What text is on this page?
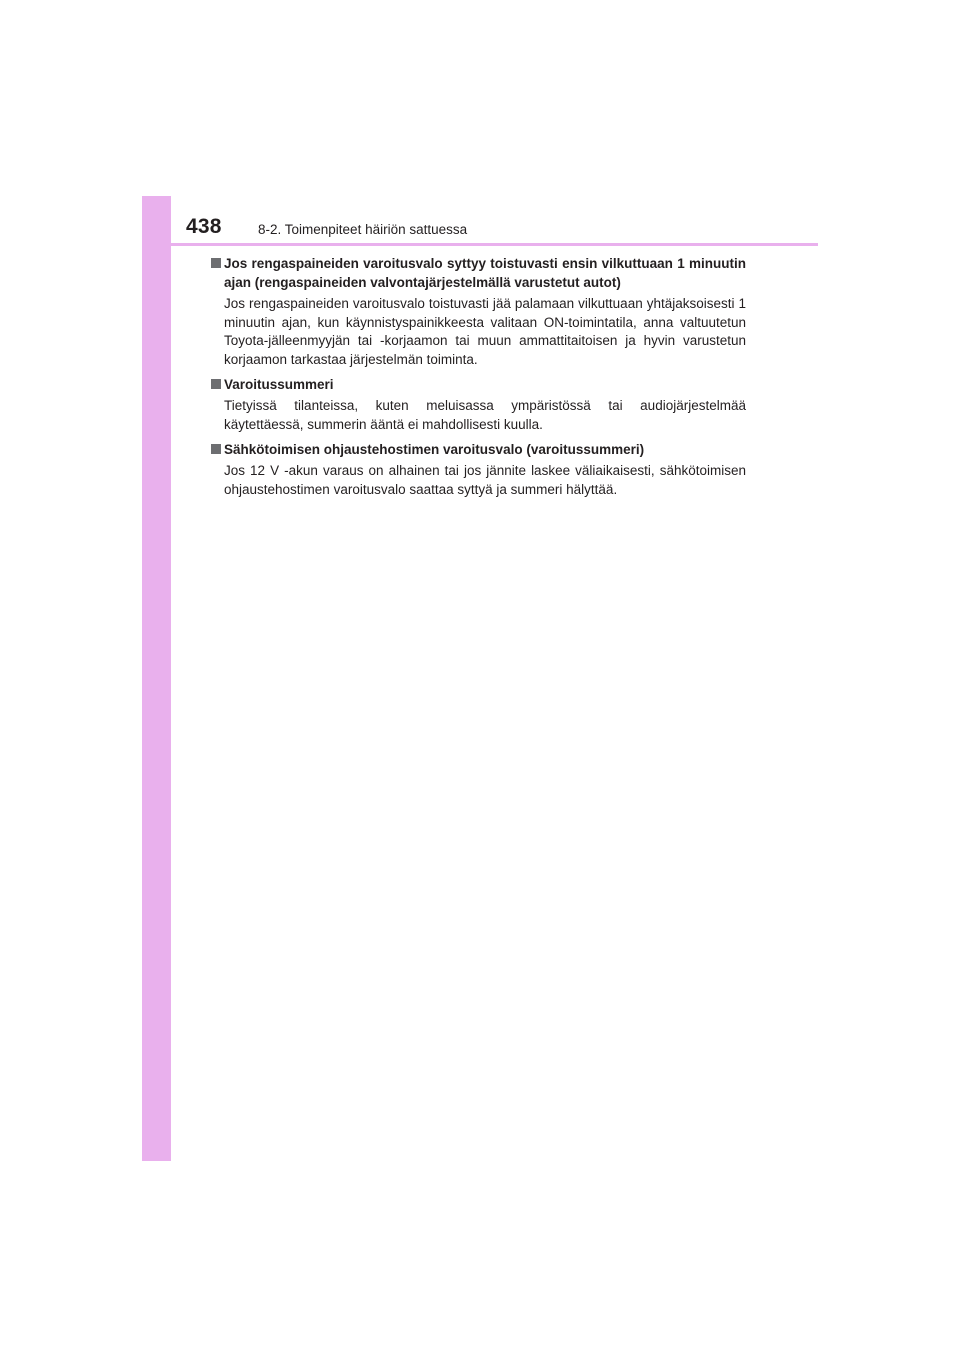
438	8-2. Toimenpiteet häiriön sattuessa
Jos rengaspaineiden varoitusvalo syttyy toistuvasti ensin vilkuttuaan 1 minuutin ajan (rengaspaineiden valvontajärjestelmällä varustetut autot)
Jos rengaspaineiden varoitusvalo toistuvasti jää palamaan vilkuttuaan yhtäjaksoisesti 1 minuutin ajan, kun käynnistyspainikkeesta valitaan ON-toimintatila, anna valtuutetun Toyota-jälleenmyyjän tai -korjaamon tai muun ammattitaitoisen ja hyvin varustetun korjaamon tarkastaa järjestelmän toiminta.
Varoitussummeri
Tietyissä tilanteissa, kuten meluisassa ympäristössä tai audiojärjestelmää käytettäessä, summerin ääntä ei mahdollisesti kuulla.
Sähkötoimisen ohjaustehostimen varoitusvalo (varoitussummeri)
Jos 12 V -akun varaus on alhainen tai jos jännite laskee väliaikaisesti, sähkötoimisen ohjaustehostimen varoitusvalo saattaa syttyä ja summeri hälyttää.
